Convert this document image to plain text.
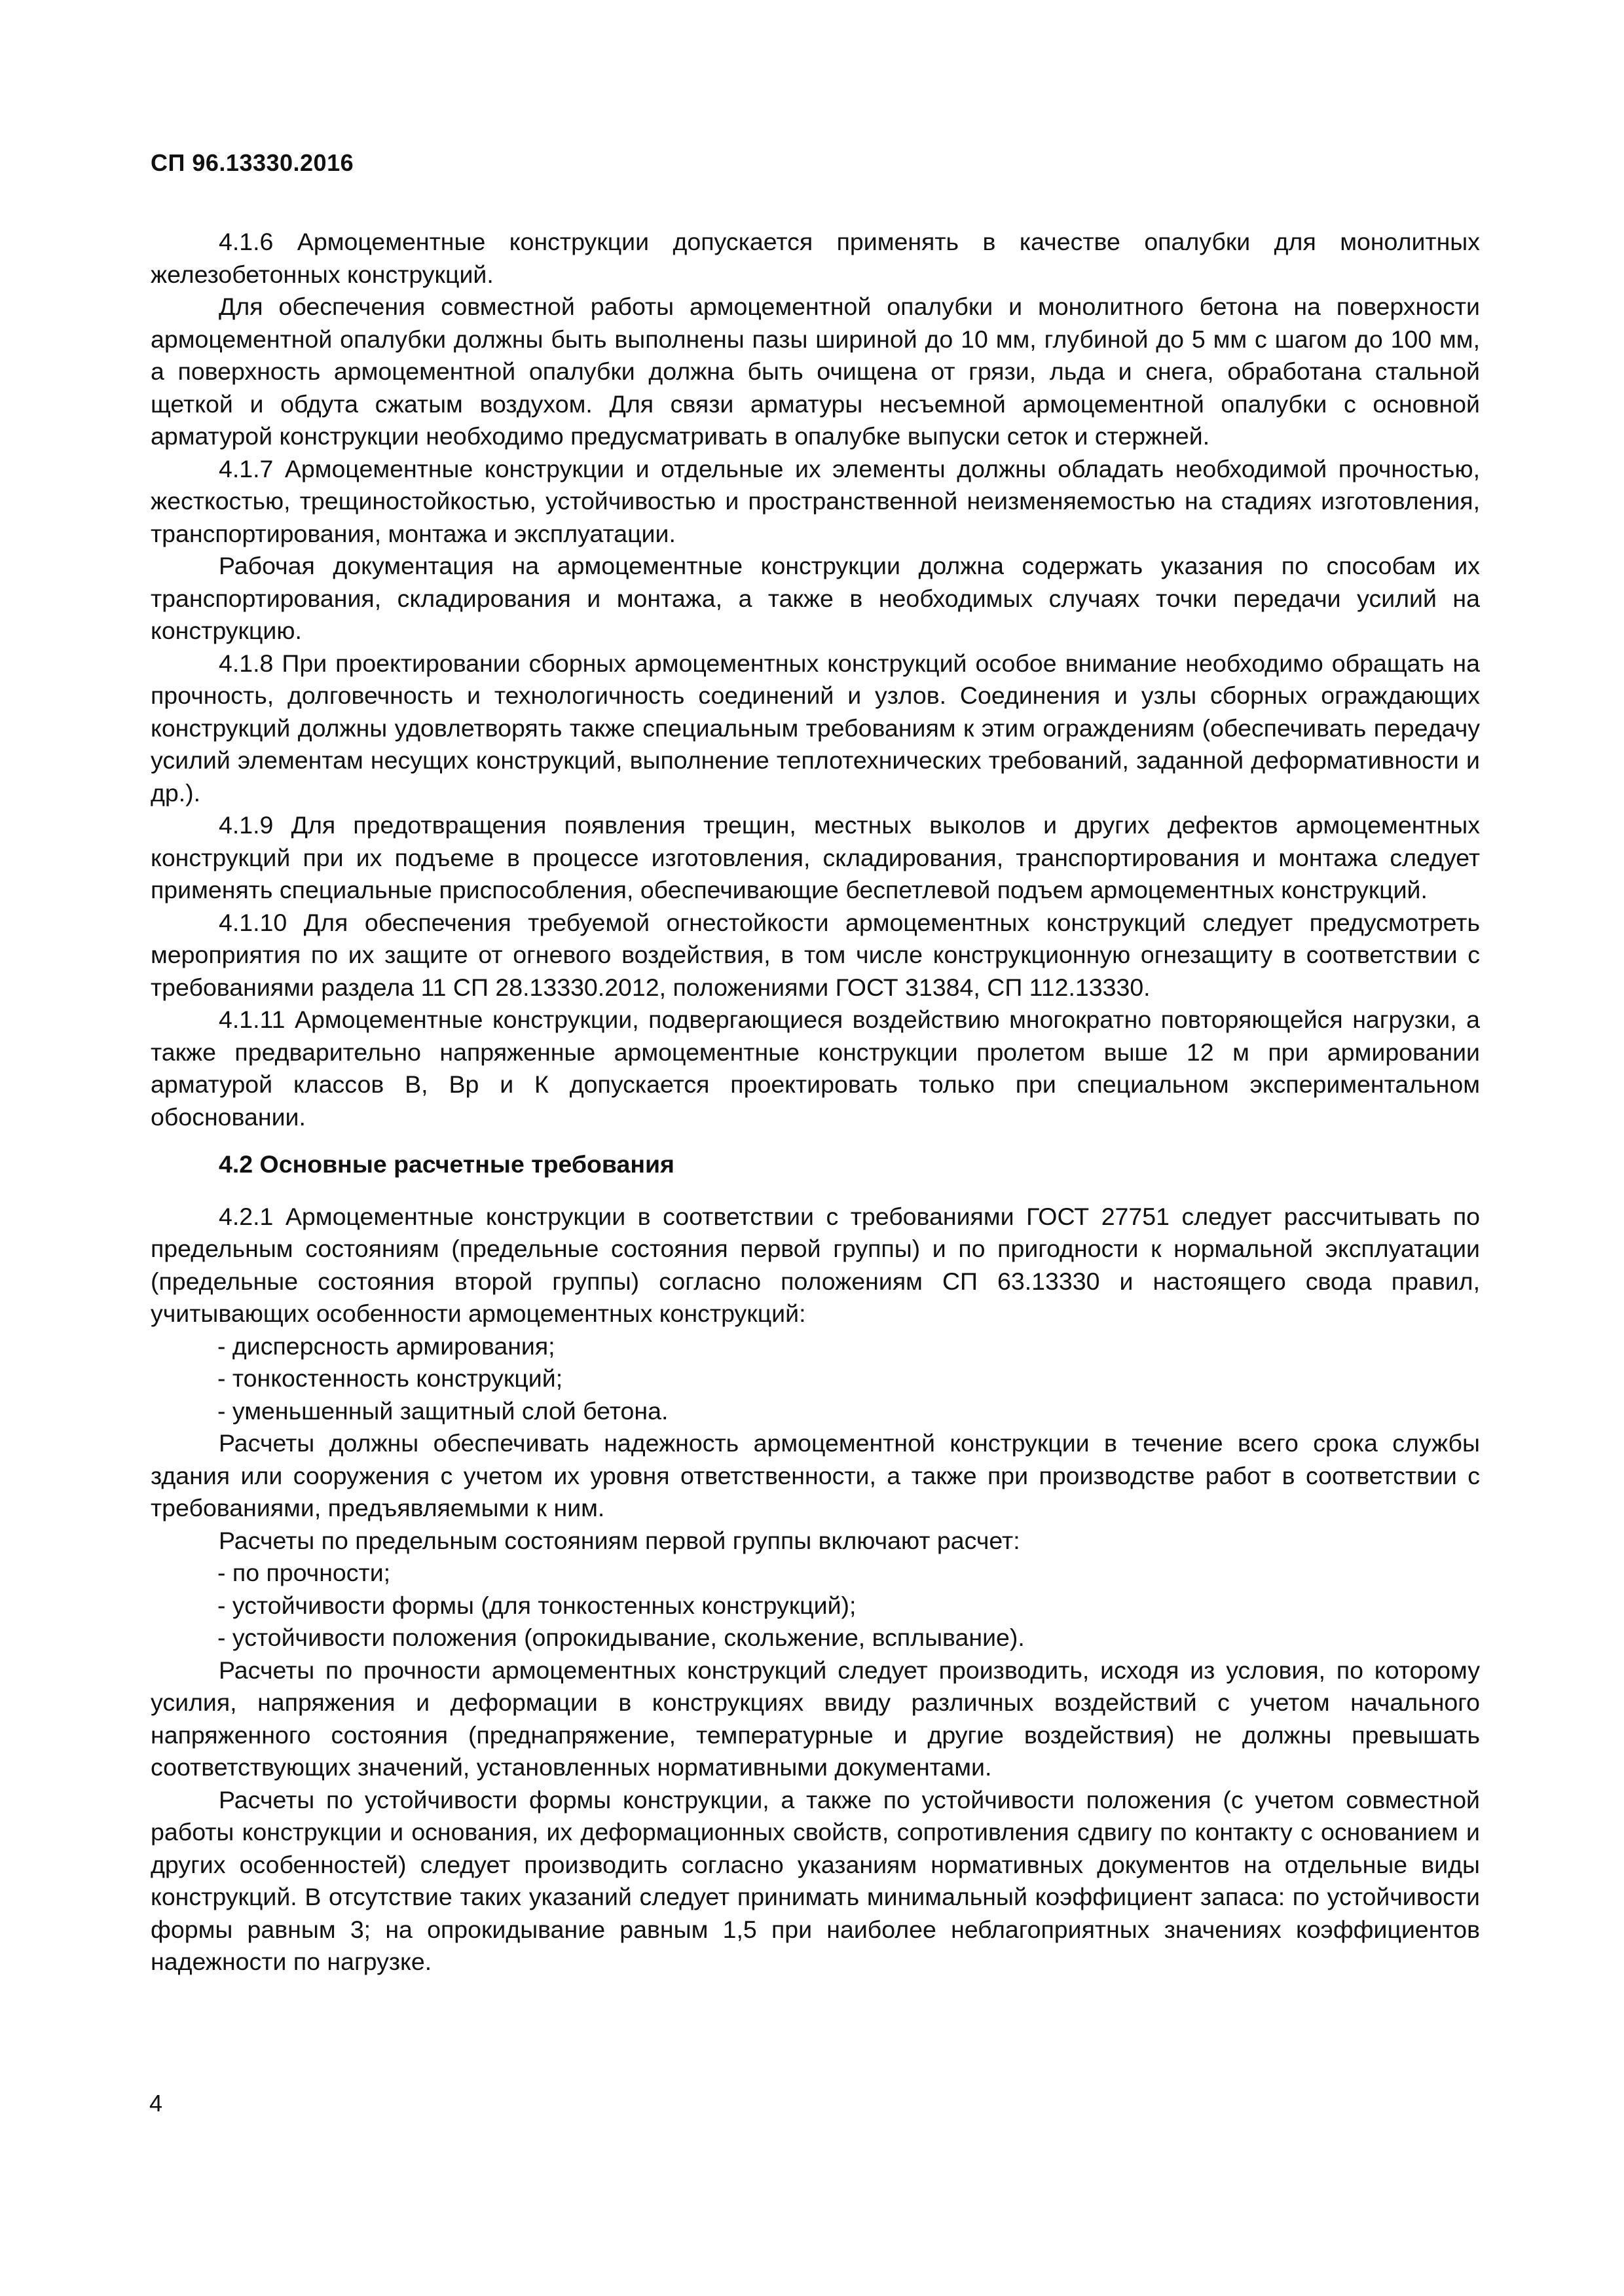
СП 96.13330.2016

4.1.6 Армоцементные конструкции допускается применять в качестве опалубки для монолитных железобетонных конструкций.

Для обеспечения совместной работы армоцементной опалубки и монолитного бетона на поверхности армоцементной опалубки должны быть выполнены пазы шириной до 10 мм, глубиной до 5 мм с шагом до 100 мм, а поверхность армоцементной опалубки должна быть очищена от грязи, льда и снега, обработана стальной щеткой и обдута сжатым воздухом. Для связи арматуры несъемной армоцементной опалубки с основной арматурой конструкции необходимо предусматривать в опалубке выпуски сеток и стержней.

4.1.7 Армоцементные конструкции и отдельные их элементы должны обладать необходимой прочностью, жесткостью, трещиностойкостью, устойчивостью и пространственной неизменяемостью на стадиях изготовления, транспортирования, монтажа и эксплуатации.

Рабочая документация на армоцементные конструкции должна содержать указания по способам их транспортирования, складирования и монтажа, а также в необходимых случаях точки передачи усилий на конструкцию.

4.1.8 При проектировании сборных армоцементных конструкций особое внимание необходимо обращать на прочность, долговечность и технологичность соединений и узлов. Соединения и узлы сборных ограждающих конструкций должны удовлетворять также специальным требованиям к этим ограждениям (обеспечивать передачу усилий элементам несущих конструкций, выполнение теплотехнических требований, заданной деформативности и др.).

4.1.9 Для предотвращения появления трещин, местных выколов и других дефектов армоцементных конструкций при их подъеме в процессе изготовления, складирования, транспортирования и монтажа следует применять специальные приспособления, обеспечивающие беспетлевой подъем армоцементных конструкций.

4.1.10 Для обеспечения требуемой огнестойкости армоцементных конструкций следует предусмотреть мероприятия по их защите от огневого воздействия, в том числе конструкционную огнезащиту в соответствии с требованиями раздела 11 СП 28.13330.2012, положениями ГОСТ 31384, СП 112.13330.

4.1.11 Армоцементные конструкции, подвергающиеся воздействию многократно повторяющейся нагрузки, а также предварительно напряженные армоцементные конструкции пролетом выше 12 м при армировании арматурой классов В, Вр и К допускается проектировать только при специальном экспериментальном обосновании.

4.2 Основные расчетные требования

4.2.1 Армоцементные конструкции в соответствии с требованиями ГОСТ 27751 следует рассчитывать по предельным состояниям (предельные состояния первой группы) и по пригодности к нормальной эксплуатации (предельные состояния второй группы) согласно положениям СП 63.13330 и настоящего свода правил, учитывающих особенности армоцементных конструкций:

- дисперсность армирования;

- тонкостенность конструкций;

- уменьшенный защитный слой бетона.

Расчеты должны обеспечивать надежность армоцементной конструкции в течение всего срока службы здания или сооружения с учетом их уровня ответственности, а также при производстве работ в соответствии с требованиями, предъявляемыми к ним.

Расчеты по предельным состояниям первой группы включают расчет:

- по прочности;

- устойчивости формы (для тонкостенных конструкций);

- устойчивости положения (опрокидывание, скольжение, всплывание).

Расчеты по прочности армоцементных конструкций следует производить, исходя из условия, по которому усилия, напряжения и деформации в конструкциях ввиду различных воздействий с учетом начального напряженного состояния (преднапряжение, температурные и другие воздействия) не должны превышать соответствующих значений, установленных нормативными документами.

Расчеты по устойчивости формы конструкции, а также по устойчивости положения (с учетом совместной работы конструкции и основания, их деформационных свойств, сопротивления сдвигу по контакту с основанием и других особенностей) следует производить согласно указаниям нормативных документов на отдельные виды конструкций. В отсутствие таких указаний следует принимать минимальный коэффициент запаса: по устойчивости формы равным 3; на опрокидывание равным 1,5 при наиболее неблагоприятных значениях коэффициентов надежности по нагрузке.

4
